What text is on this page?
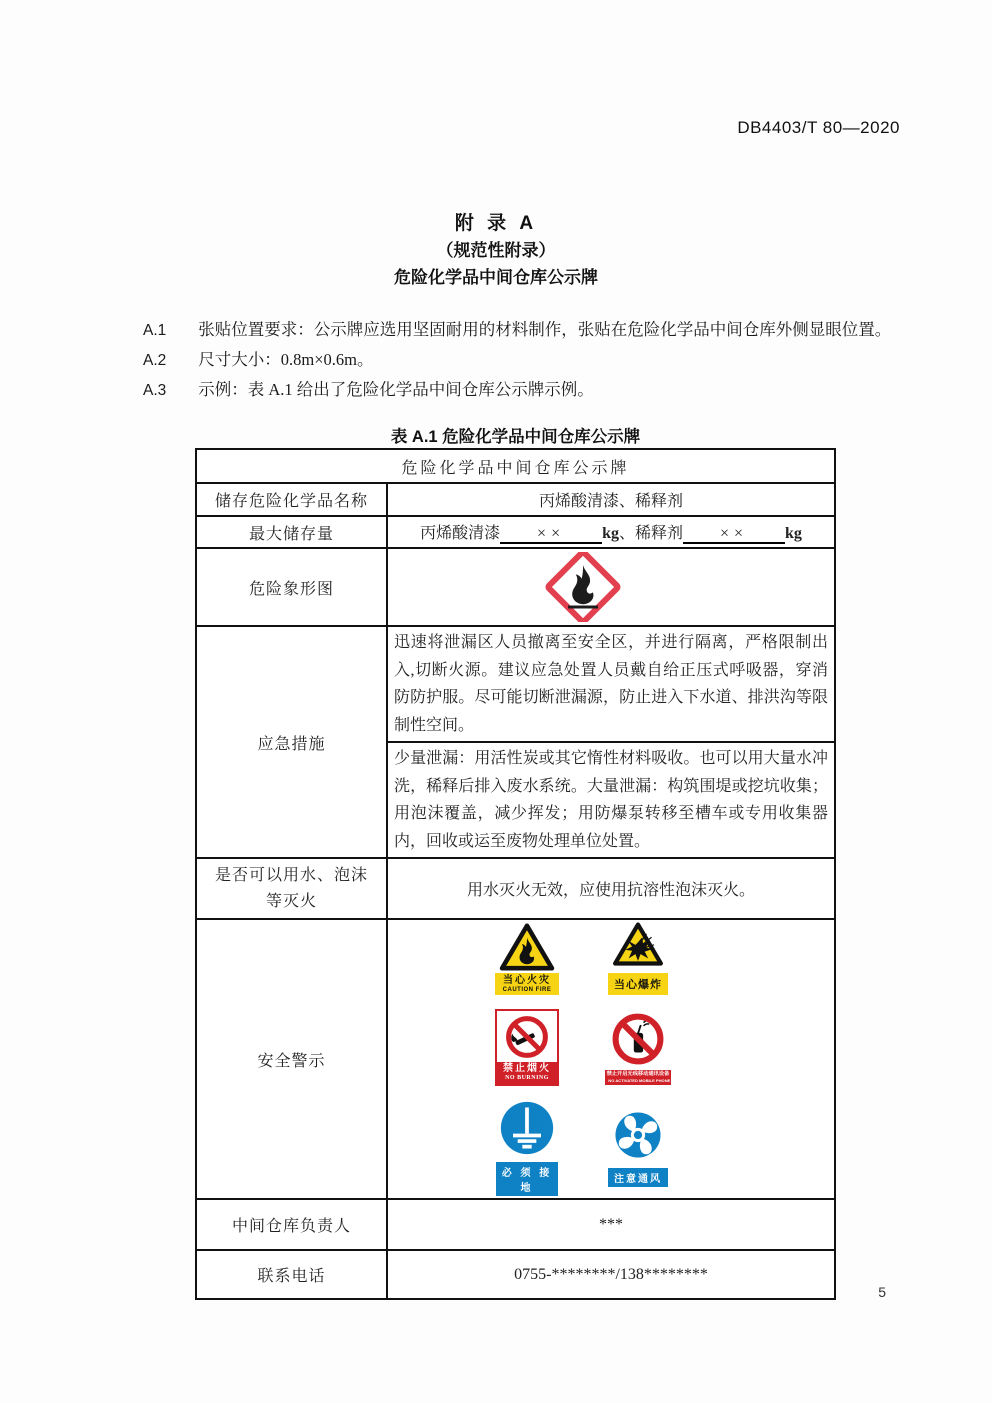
DB4403/T 80—2020
附 录 A
（规范性附录）
危险化学品中间仓库公示牌

A.1 张贴位置要求：公示牌应选用坚固耐用的材料制作，张贴在危险化学品中间仓库外侧显眼位置。

A.2 尺寸大小：0.8m×0.6m。

A.3 示例：表 A.1 给出了危险化学品中间仓库公示牌示例。

表 A.1 危险化学品中间仓库公示牌
危险化学品中间仓库公示牌	
储存危险化学品名称	丙烯酸清漆、稀释剂
最大储存量	丙烯酸清漆 ×× kg、稀释剂 ×× kg
危险象形图	
应急措施	迅速将泄漏区人员撤离至安全区，并进行隔离，严格限制出入,切断火源。建议应急处置人员戴自给正压式呼吸器，穿消防防护服。尽可能切断泄漏源，防止进入下水道、排洪沟等限制性空间。
	少量泄漏：用活性炭或其它惰性材料吸收。也可以用大量水冲洗，稀释后排入废水系统。大量泄漏：构筑围堤或挖坑收集；用泡沫覆盖，减少挥发；用防爆泵转移至槽车或专用收集器内，回收或运至废物处理单位处置。
是否可以用水、泡沫等灭火	用水灭火无效，应使用抗溶性泡沫灭火。
安全警示	
当心火灾
CAUTION FIRE	当心爆炸
禁止烟火
NO BURNING
禁止开启无线移动通讯设备
NO ACTIVATED MOBILE PHONE
必 须 接 地
注意通风

中间仓库负责人	***
联系电话	0755-********/138********
5
